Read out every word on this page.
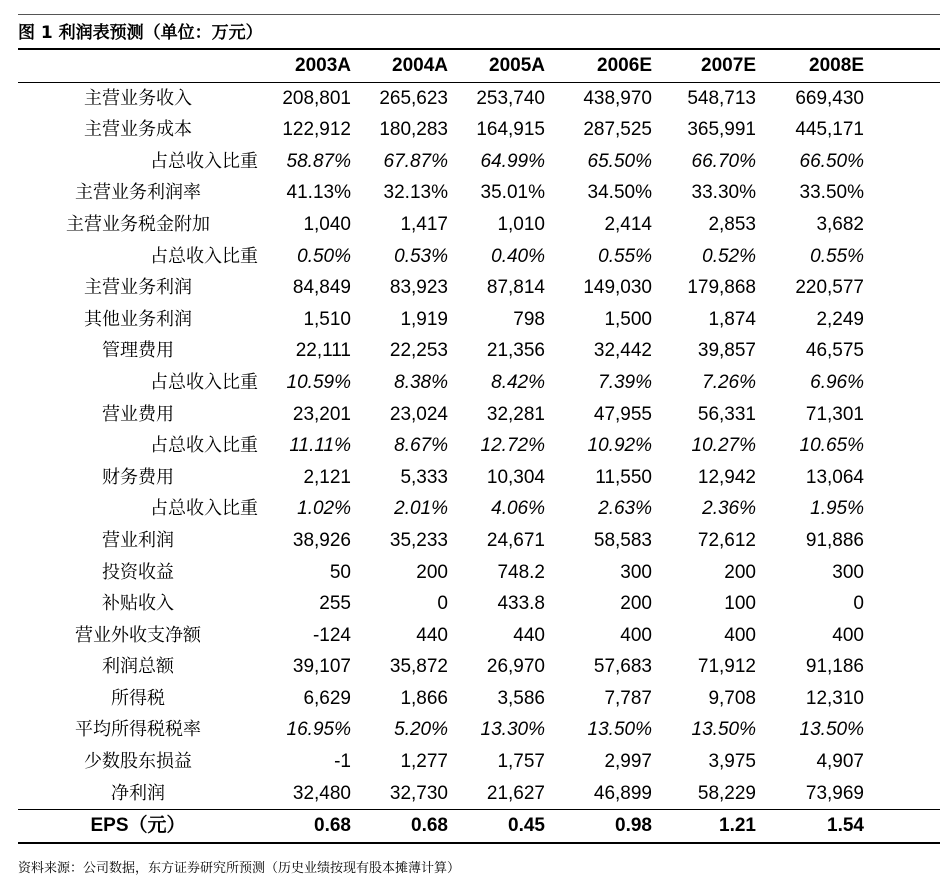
图 1 利润表预测（单位：万元）
	2003A	2004A	2005A	2006E	2007E	2008E	
主营业务收入	208,801	265,623	253,740	438,970	548,713	669,430	
主营业务成本	122,912	180,283	164,915	287,525	365,991	445,171	
占总收入比重	58.87%	67.87%	64.99%	65.50%	66.70%	66.50%	
主营业务利润率	41.13%	32.13%	35.01%	34.50%	33.30%	33.50%	
主营业务税金附加	1,040	1,417	1,010	2,414	2,853	3,682	
占总收入比重	0.50%	0.53%	0.40%	0.55%	0.52%	0.55%	
主营业务利润	84,849	83,923	87,814	149,030	179,868	220,577	
其他业务利润	1,510	1,919	798	1,500	1,874	2,249	
管理费用	22,111	22,253	21,356	32,442	39,857	46,575	
占总收入比重	10.59%	8.38%	8.42%	7.39%	7.26%	6.96%	
营业费用	23,201	23,024	32,281	47,955	56,331	71,301	
占总收入比重	11.11%	8.67%	12.72%	10.92%	10.27%	10.65%	
财务费用	2,121	5,333	10,304	11,550	12,942	13,064	
占总收入比重	1.02%	2.01%	4.06%	2.63%	2.36%	1.95%	
营业利润	38,926	35,233	24,671	58,583	72,612	91,886	
投资收益	50	200	748.2	300	200	300	
补贴收入	255	0	433.8	200	100	0	
营业外收支净额	-124	440	440	400	400	400	
利润总额	39,107	35,872	26,970	57,683	71,912	91,186	
所得税	6,629	1,866	3,586	7,787	9,708	12,310	
平均所得税税率	16.95%	5.20%	13.30%	13.50%	13.50%	13.50%	
少数股东损益	-1	1,277	1,757	2,997	3,975	4,907	
净利润	32,480	32,730	21,627	46,899	58,229	73,969	
EPS（元）	0.68	0.68	0.45	0.98	1.21	1.54	
资料来源：公司数据，东方证券研究所预测（历史业绩按现有股本摊薄计算）
